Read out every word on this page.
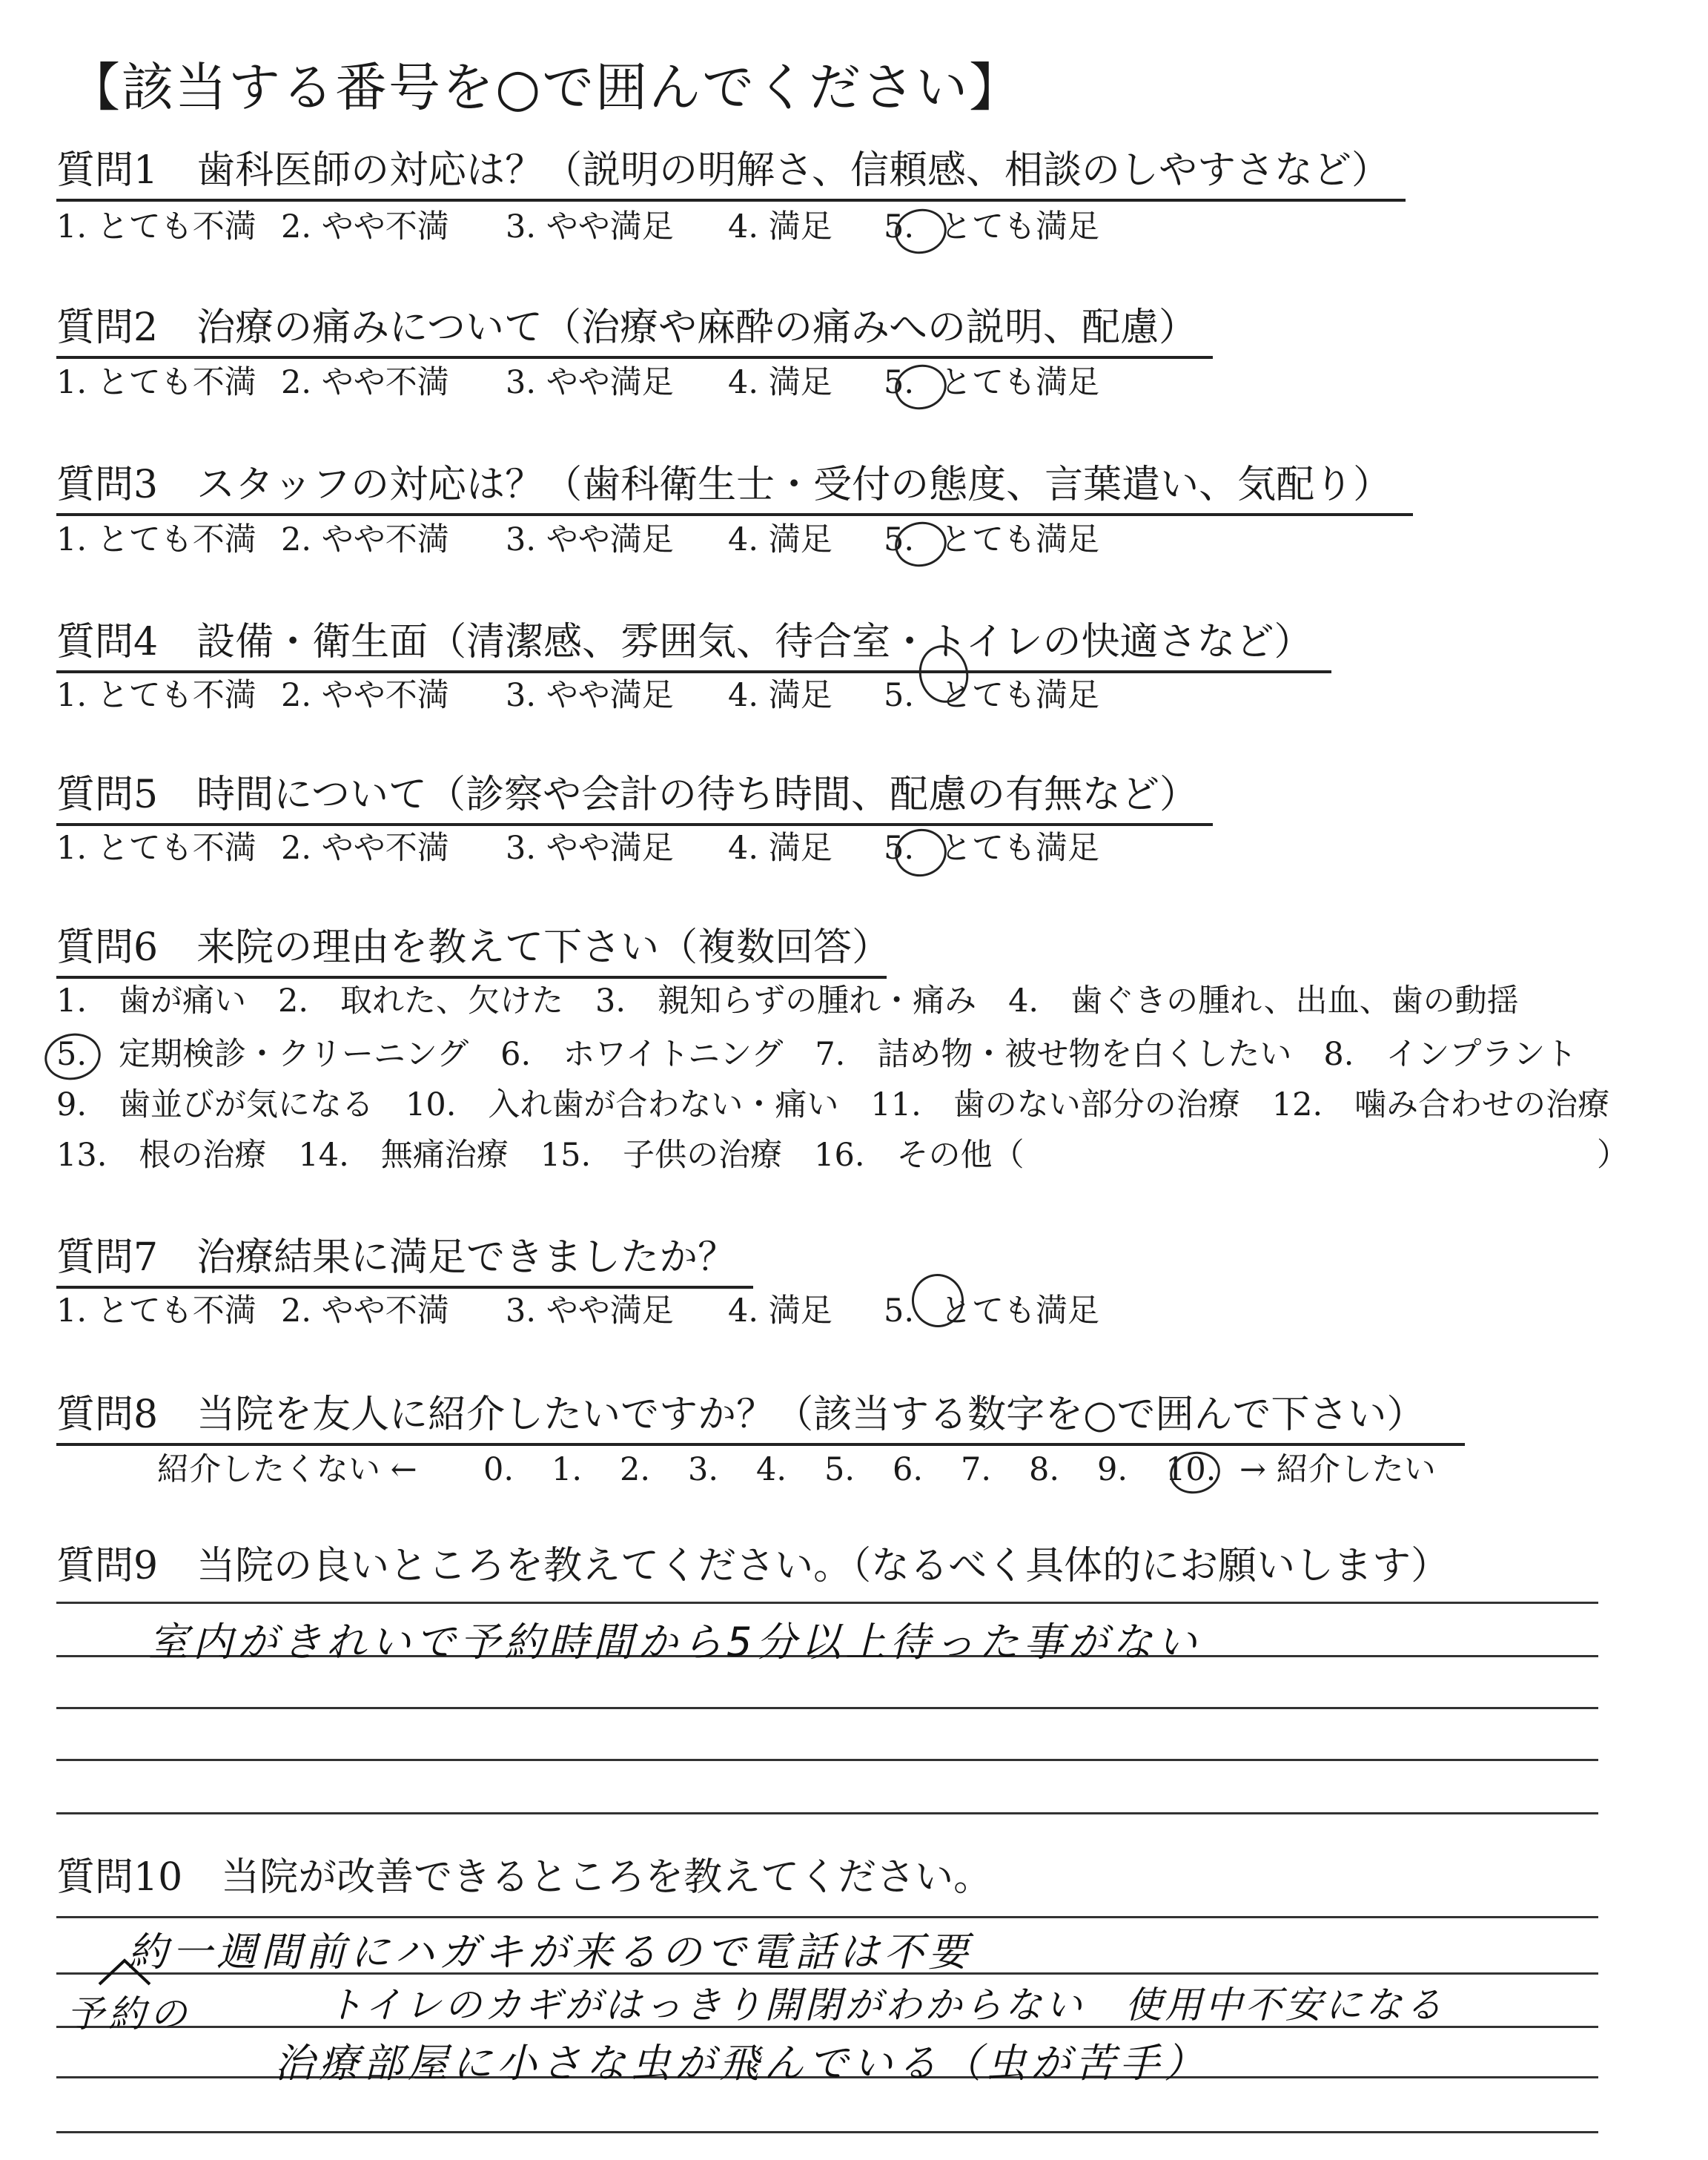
【該当する番号を○で囲んでください】
質問1　歯科医師の対応は？（説明の明解さ、信頼感、相談のしやすさなど）
1. とても不満 2. やや不満 3. やや満足 4. 満足 5. とても満足
質問2　治療の痛みについて（治療や麻酔の痛みへの説明、配慮）
1. とても不満 2. やや不満 3. やや満足 4. 満足 5. とても満足
質問3　スタッフの対応は？（歯科衛生士・受付の態度、言葉遣い、気配り）
1. とても不満 2. やや不満 3. やや満足 4. 満足 5. とても満足
質問4　設備・衛生面（清潔感、雰囲気、待合室・トイレの快適さなど）
1. とても不満 2. やや不満 3. やや満足 4. 満足 5. とても満足
質問5　時間について（診察や会計の待ち時間、配慮の有無など）
1. とても不満 2. やや不満 3. やや満足 4. 満足 5. とても満足
質問6　来院の理由を教えて下さい（複数回答）
1.　歯が痛い　2.　取れた、欠けた　3.　親知らずの腫れ・痛み　4.　歯ぐきの腫れ、出血、歯の動揺
5.　定期検診・クリーニング　6.　ホワイトニング　7.　詰め物・被せ物を白くしたい　8.　インプラント
9.　歯並びが気になる　10.　入れ歯が合わない・痛い　11.　歯のない部分の治療　12.　噛み合わせの治療
13.　根の治療　14.　無痛治療　15.　子供の治療　16.　その他（	）
質問7　治療結果に満足できましたか？
1. とても不満 2. やや不満 3. やや満足 4. 満足 5. とても満足
質問8　当院を友人に紹介したいですか？（該当する数字を○で囲んで下さい）
紹介したくない ← 0. 1. 2. 3. 4. 5. 6. 7. 8. 9. 10. → 紹介したい
質問9　当院の良いところを教えてください。（なるべく具体的にお願いします）
室内がきれいで予約時間から5分以上待った事がない
質問10　当院が改善できるところを教えてください。
約一週間前にハガキが来るので電話は不要
トイレのカギがはっきり開閉がわからない　使用中不安になる
治療部屋に小さな虫が飛んでいる（虫が苦手）
予約の
